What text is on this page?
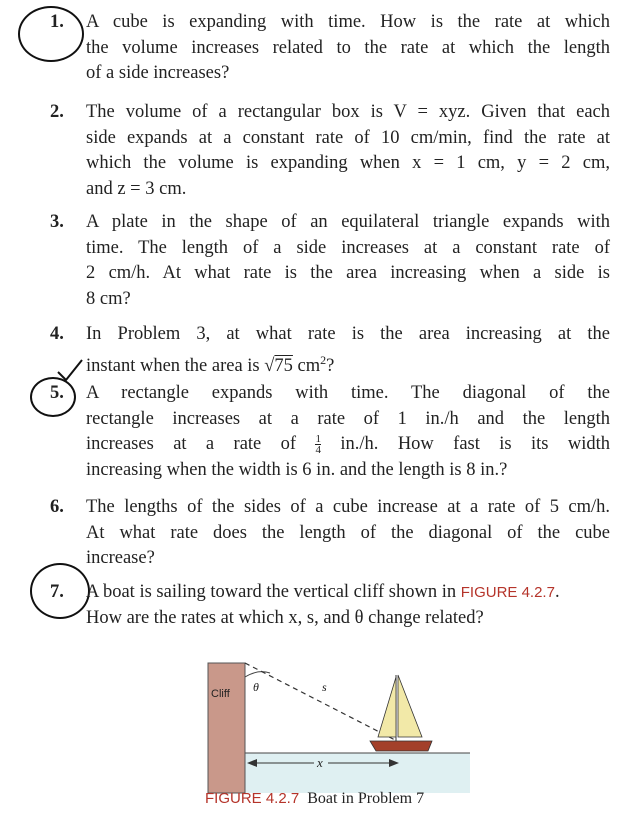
1. A cube is expanding with time. How is the rate at which
the volume increases related to the rate at which the length
of a side increases?
2. The volume of a rectangular box is V = xyz. Given that each
side expands at a constant rate of 10 cm/min, find the rate at
which the volume is expanding when x = 1 cm, y = 2 cm,
and z = 3 cm.
3. A plate in the shape of an equilateral triangle expands with
time. The length of a side increases at a constant rate of
2 cm/h. At what rate is the area increasing when a side is
8 cm?
4. In Problem 3, at what rate is the area increasing at the
instant when the area is √75 $cm^2$?
5. A rectangle expands with time. The diagonal of the
rectangle increases at a rate of 1 in./h and the length
increases at a rate of $\frac{1}{4} in./h$. How fast is its width
increasing when the width is 6 in. and the length is 8 in.?
6. The lengths of the sides of a cube increase at a rate of 5 cm/h.
At what rate does the length of the diagonal of the cube
increase?
7. A boat is sailing toward the vertical cliff shown in FIGURE 4.2.7.
How are the rates at which x, s, and θ change related?
Cliff θ	s
x
FIGURE 4.2.7 Boat in Problem 7
